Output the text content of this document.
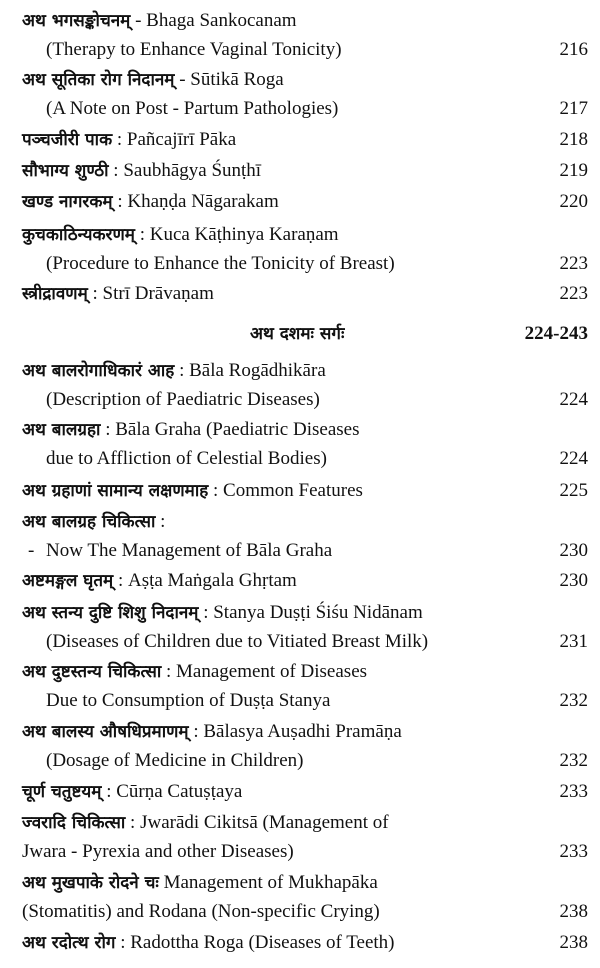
अथ भगसङ्कोचनम् - Bhaga Sankocanam
(Therapy to Enhance Vaginal Tonicity)	216
अथ सूतिका रोग निदानम् - Sūtikā Roga
(A Note on Post - Partum Pathologies)	217
पञ्चजीरी पाक : Pañcajīrī Pāka	218
सौभाग्य शुण्ठी : Saubhāgya Śunṭhī	219
खण्ड नागरकम् : Khaṇḍa Nāgarakam	220
कुचकाठिन्यकरणम् : Kuca Kāṭhinya Karaṇam
(Procedure to Enhance the Tonicity of Breast)	223
स्त्रीद्रावणम् : Strī Drāvaṇam	223
अथ दशमः सर्गः	224-243
अथ बालरोगाधिकारं आह : Bāla Rogādhikāra
(Description of Paediatric Diseases)	224
अथ बालग्रहा : Bāla Graha (Paediatric Diseases
due to Affliction of Celestial Bodies)	224
अथ ग्रहाणां सामान्य लक्षणमाह : Common Features	225
अथ बालग्रह चिकित्सा :
- Now The Management of Bāla Graha	230
अष्टमङ्गल घृतम् : Aṣṭa Maṅgala Ghṛtam	230
अथ स्तन्य दुष्टि शिशु निदानम् : Stanya Duṣṭi Śiśu Nidānam
(Diseases of Children due to Vitiated Breast Milk)	231
अथ दुष्टस्तन्य चिकित्सा : Management of Diseases
Due to Consumption of Duṣṭa Stanya	232
अथ बालस्य औषधिप्रमाणम् : Bālasya Auṣadhi Pramāṇa
(Dosage of Medicine in Children)	232
चूर्ण चतुष्टयम् : Cūrṇa Catuṣṭaya	233
ज्वरादि चिकित्सा : Jwarādi Cikitsā (Management of
Jwara - Pyrexia and other Diseases)	233
अथ मुखपाके रोदने चः Management of Mukhapāka
(Stomatitis) and Rodana (Non-specific Crying)	238
अथ रदोत्थ रोग : Radottha Roga (Diseases of Teeth)	238
